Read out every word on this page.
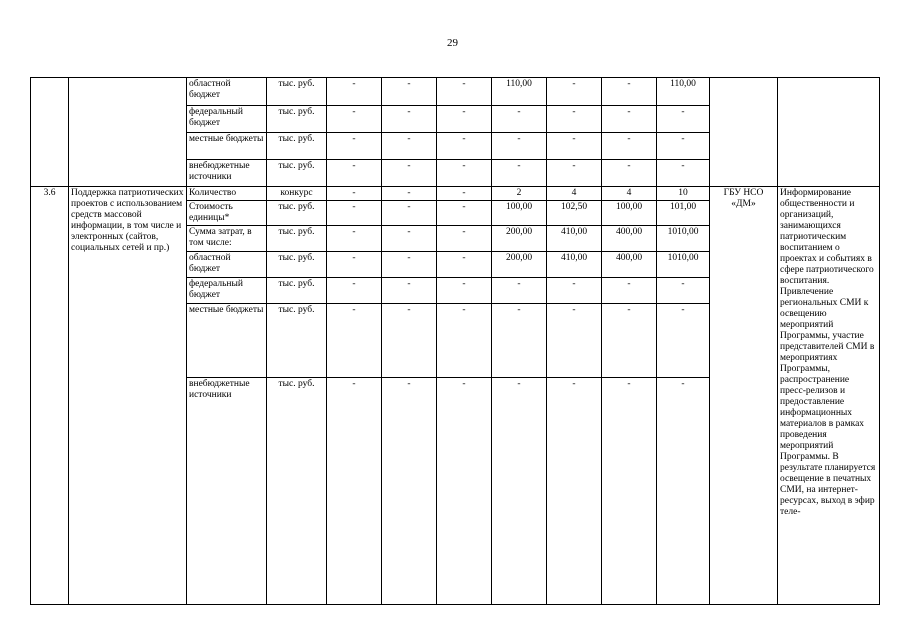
29
		областной бюджет	тыс. руб.	-	-	-	110,00	-	-	110,00		
		федеральный бюджет	тыс. руб.	-	-	-	-	-	-	-		
		местные бюджеты	тыс. руб.	-	-	-	-	-	-	-		
		внебюджетные источники	тыс. руб.	-	-	-	-	-	-	-		
3.6	Поддержка патриотических проектов с использованием средств массовой информации, в том числе и электронных (сайтов, социальных сетей и пр.)	Количество	конкурс	-	-	-	2	4	4	10	ГБУ НСО «ДМ»	Информирование общественности и организаций, занимающихся патриотическим воспитанием о проектах и событиях в сфере патриотического воспитания. Привлечение региональных СМИ к освещению мероприятий Программы, участие представителей СМИ в мероприятиях Программы, распространение пресс-релизов и предоставление информационных материалов в рамках проведения мероприятий Программы. В результате планируется освещение в печатных СМИ, на интернет-ресурсах, выход в эфир теле-
		Стоимость единицы*	тыс. руб.	-	-	-	100,00	102,50	100,00	101,00		
		Сумма затрат, в том числе:	тыс. руб.	-	-	-	200,00	410,00	400,00	1010,00		
		областной бюджет	тыс. руб.	-	-	-	200,00	410,00	400,00	1010,00		
		федеральный бюджет	тыс. руб.	-	-	-	-	-	-	-		
		местные бюджеты	тыс. руб.	-	-	-	-	-	-	-		
		внебюджетные источники	тыс. руб.	-	-	-	-	-	-	-		
